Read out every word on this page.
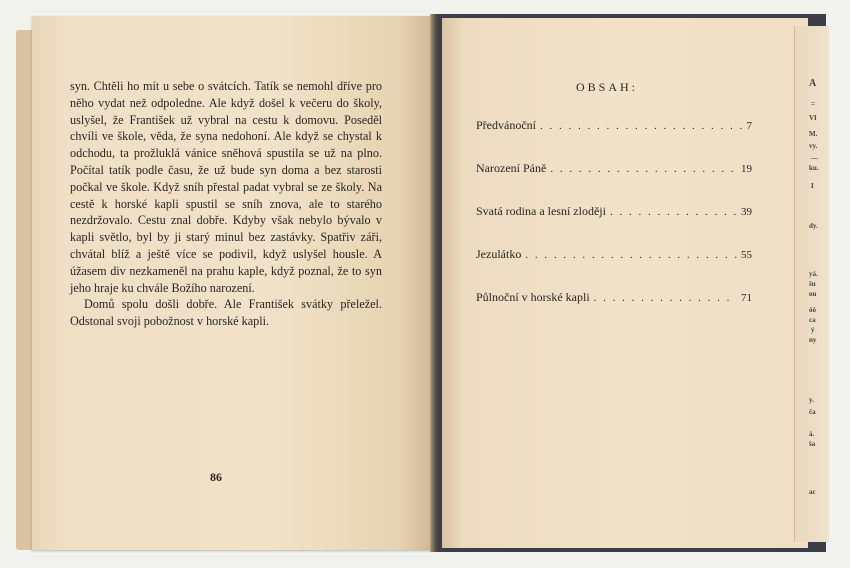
A
=
VI
M.
vy.
—
ku.
I
dy.
yá.
šu
ou
óó
ca
ý
ny
y.
ča
á.
ša
ac

syn. Chtěli ho mít u sebe o svátcích. Tatík se nemohl dříve pro něho vydat než odpoledne. Ale když došel k večeru do školy, uslyšel, že František už vybral na cestu k domovu. Poseděl chvíli ve škole, věda, že syna nedohoní. Ale když se chystal k odchodu, ta prožluklá vánice sněhová spustila se už na plno. Počítal tatík podle času, že už bude syn doma a bez starosti počkal ve škole. Když sníh přestal padat vybral se ze školy. Na cestě k horské kapli spustil se sníh znova, ale to starého nezdržovalo. Cestu znal dobře. Kdyby však nebylo bývalo v kapli světlo, byl by ji starý minul bez zastávky. Spatřiv záři, chvátal blíž a ještě více se podivil, když uslyšel housle. A úžasem div nezkameněl na prahu kaple, když poznal, že to syn jeho hraje ku chvále Božího narození.

Domů spolu došli dobře. Ale František svátky přeležel. Odstonal svoji pobožnost v horské kapli.

86
OBSAH:
Předvánoční . . .	7
Narození Páně . . .	19
Svatá rodina a lesní zloději . . .	39
Jezulátko . . .	55
Půlnoční v horské kapli . . .	71
